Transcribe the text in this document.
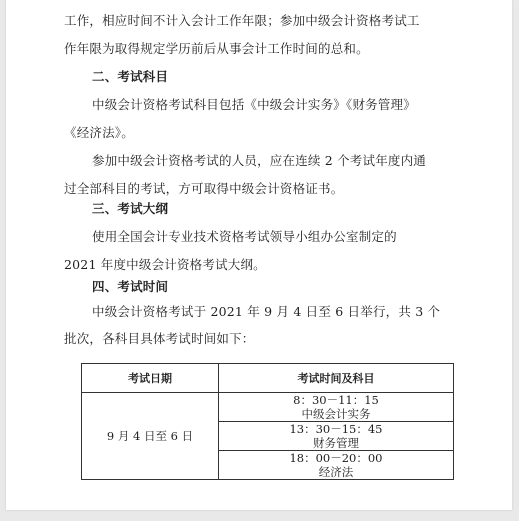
工作，相应时间不计入会计工作年限；参加中级会计资格考试工
作年限为取得规定学历前后从事会计工作时间的总和。
二、考试科目
中级会计资格考试科目包括《中级会计实务》《财务管理》
《经济法》。
参加中级会计资格考试的人员，应在连续 2 个考试年度内通
过全部科目的考试，方可取得中级会计资格证书。
三、考试大纲
使用全国会计专业技术资格考试领导小组办公室制定的
2021 年度中级会计资格考试大纲。
四、考试时间
中级会计资格考试于 2021 年 9 月 4 日至 6 日举行，共 3 个
批次，各科目具体考试时间如下：
考试日期	考试时间及科目
9 月 4 日至 6 日	8：30－11：15
中级会计实务

	13：30－15：45
财务管理

	18：00－20：00
经济法
